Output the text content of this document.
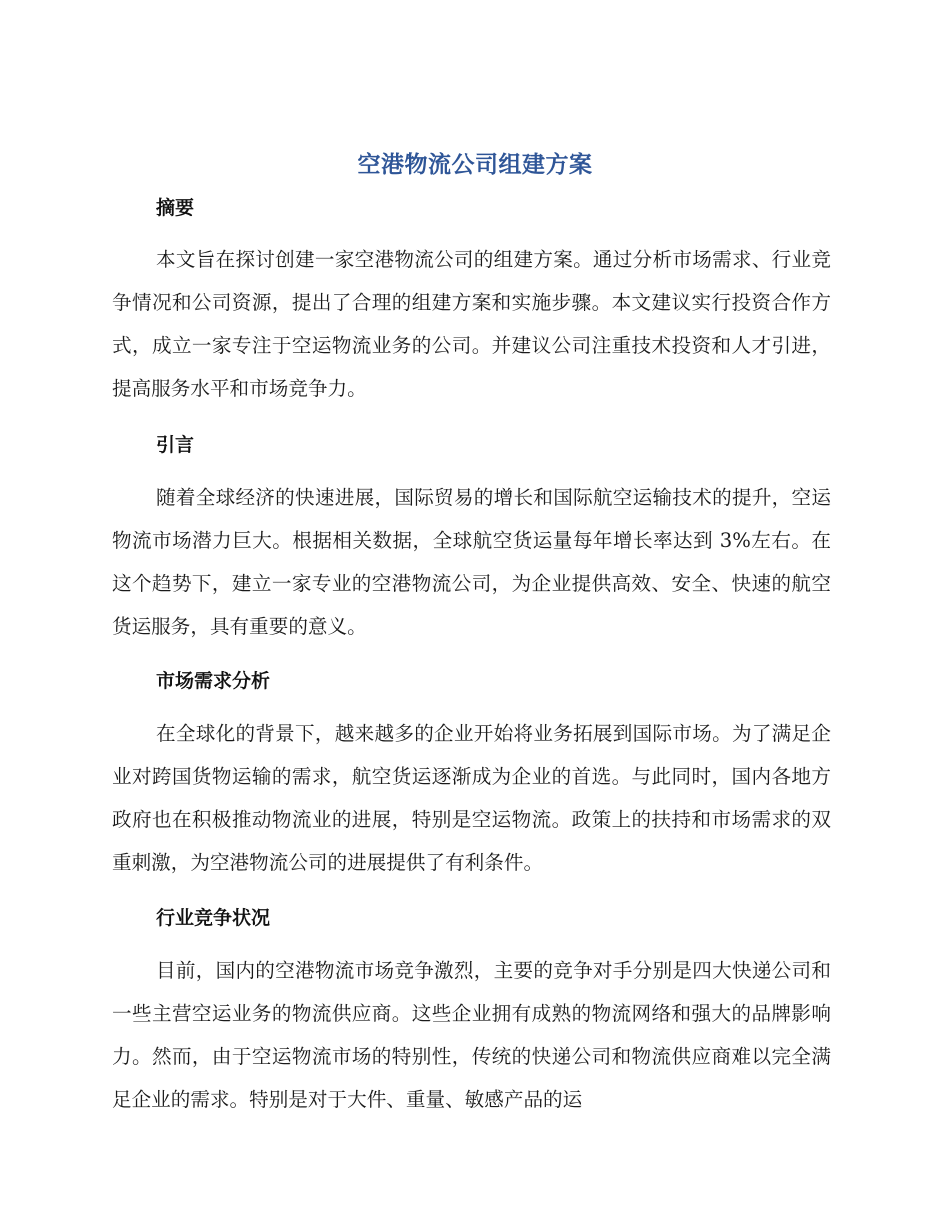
空港物流公司组建方案
摘要

本文旨在探讨创建一家空港物流公司的组建方案。通过分析市场需求、行业竞争情况和公司资源，提出了合理的组建方案和实施步骤。本文建议实行投资合作方式，成立一家专注于空运物流业务的公司。并建议公司注重技术投资和人才引进，提高服务水平和市场竞争力。

引言

随着全球经济的快速进展，国际贸易的增长和国际航空运输技术的提升，空运物流市场潜力巨大。根据相关数据，全球航空货运量每年增长率达到 3%左右。在这个趋势下，建立一家专业的空港物流公司，为企业提供高效、安全、快速的航空货运服务，具有重要的意义。

市场需求分析

在全球化的背景下，越来越多的企业开始将业务拓展到国际市场。为了满足企业对跨国货物运输的需求，航空货运逐渐成为企业的首选。与此同时，国内各地方政府也在积极推动物流业的进展，特别是空运物流。政策上的扶持和市场需求的双重刺激，为空港物流公司的进展提供了有利条件。

行业竞争状况

目前，国内的空港物流市场竞争激烈，主要的竞争对手分别是四大快递公司和一些主营空运业务的物流供应商。这些企业拥有成熟的物流网络和强大的品牌影响力。然而，由于空运物流市场的特别性，传统的快递公司和物流供应商难以完全满足企业的需求。特别是对于大件、重量、敏感产品的运
